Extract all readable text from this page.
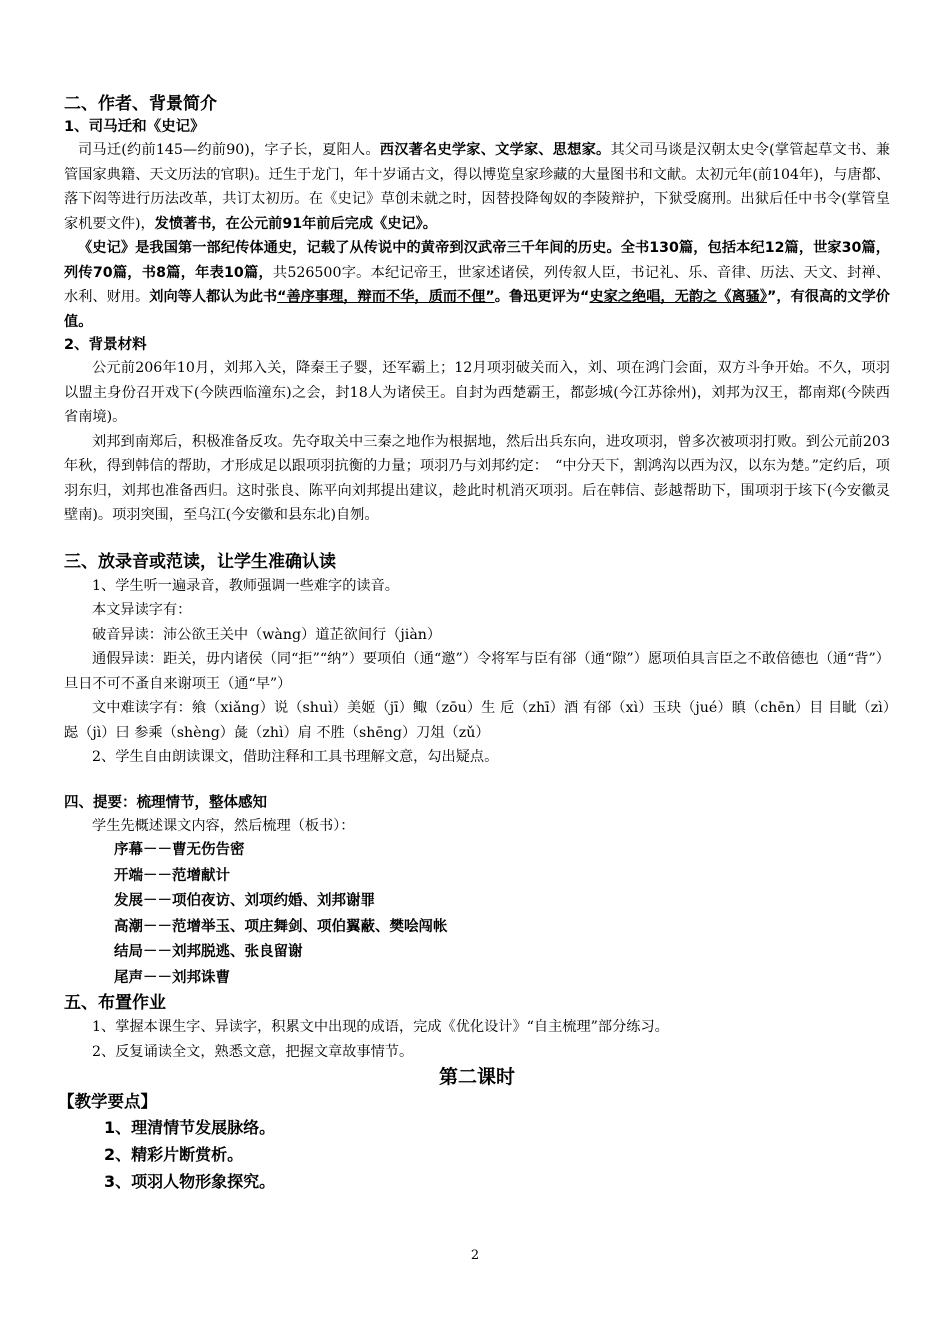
二、作者、背景简介

1、司马迁和《史记》

司马迁(约前145—约前90)，字子长，夏阳人。西汉著名史学家、文学家、思想家。其父司马谈是汉朝太史令(掌管起草文书、兼管国家典籍、天文历法的官职)。迁生于龙门，年十岁诵古文，得以博览皇家珍藏的大量图书和文献。太初元年(前104年)，与唐都、落下闳等进行历法改革，共订太初历。在《史记》草创未就之时，因替投降匈奴的李陵辩护，下狱受腐刑。出狱后任中书令(掌管皇家机要文件)，发愤著书，在公元前91年前后完成《史记》。

《史记》是我国第一部纪传体通史，记载了从传说中的黄帝到汉武帝三千年间的历史。全书130篇，包括本纪12篇，世家30篇，列传70篇，书8篇，年表10篇，共526500字。本纪记帝王，世家述诸侯，列传叙人臣，书记礼、乐、音律、历法、天文、封禅、水利、财用。刘向等人都认为此书“善序事理，辩而不华，质而不俚”。鲁迅更评为“史家之绝唱，无韵之《离骚》”，有很高的文学价值。

2、背景材料

公元前206年10月，刘邦入关，降秦王子婴，还军霸上；12月项羽破关而入，刘、项在鸿门会面，双方斗争开始。不久，项羽以盟主身份召开戏下(今陕西临潼东)之会，封18人为诸侯王。自封为西楚霸王，都彭城(今江苏徐州)，刘邦为汉王，都南郑(今陕西省南境)。

刘邦到南郑后，积极准备反攻。先夺取关中三秦之地作为根据地，然后出兵东向，进攻项羽，曾多次被项羽打败。到公元前203年秋，得到韩信的帮助，才形成足以跟项羽抗衡的力量；项羽乃与刘邦约定：　“中分天下，割鸿沟以西为汉，以东为楚。”定约后，项羽东归，刘邦也准备西归。这时张良、陈平向刘邦提出建议，趁此时机消灭项羽。后在韩信、彭越帮助下，围项羽于垓下(今安徽灵壁南)。项羽突围，至乌江(今安徽和县东北)自刎。

三、放录音或范读，让学生准确认读

1、学生听一遍录音，教师强调一些难字的读音。

本文异读字有：

破音异读：沛公欲王关中（wàng）道芷欲间行（jiàn）

通假异读：距关，毋内诸侯（同“拒”“纳”）要项伯（通“邀”）令将军与臣有郤（通“隙”）愿项伯具言臣之不敢倍德也（通“背”）旦日不可不蚤自来谢项王（通“早”）

文中难读字有：飨（xiǎng）说（shuì）美姬（jī）鲰（zōu）生 卮（zhī）酒 有郤（xì）玉玦（jué）瞋（chēn）目 目眦（zì）跽（jì）曰 参乘（shèng）彘（zhì）肩 不胜（shēng）刀俎（zǔ）

2、学生自由朗读课文，借助注释和工具书理解文意，勾出疑点。

四、提要：梳理情节，整体感知

学生先概述课文内容，然后梳理（板书）：

序幕－－曹无伤告密

开端－－范增献计

发展－－项伯夜访、刘项约婚、刘邦谢罪

高潮－－范增举玉、项庄舞剑、项伯翼蔽、樊哙闯帐

结局－－刘邦脱逃、张良留谢

尾声－－刘邦诛曹

五、布置作业

1、掌握本课生字、异读字，积累文中出现的成语，完成《优化设计》“自主梳理”部分练习。

2、反复诵读全文，熟悉文意，把握文章故事情节。

第二课时

【教学要点】

1、理清情节发展脉络。

2、精彩片断赏析。

3、项羽人物形象探究。

2
